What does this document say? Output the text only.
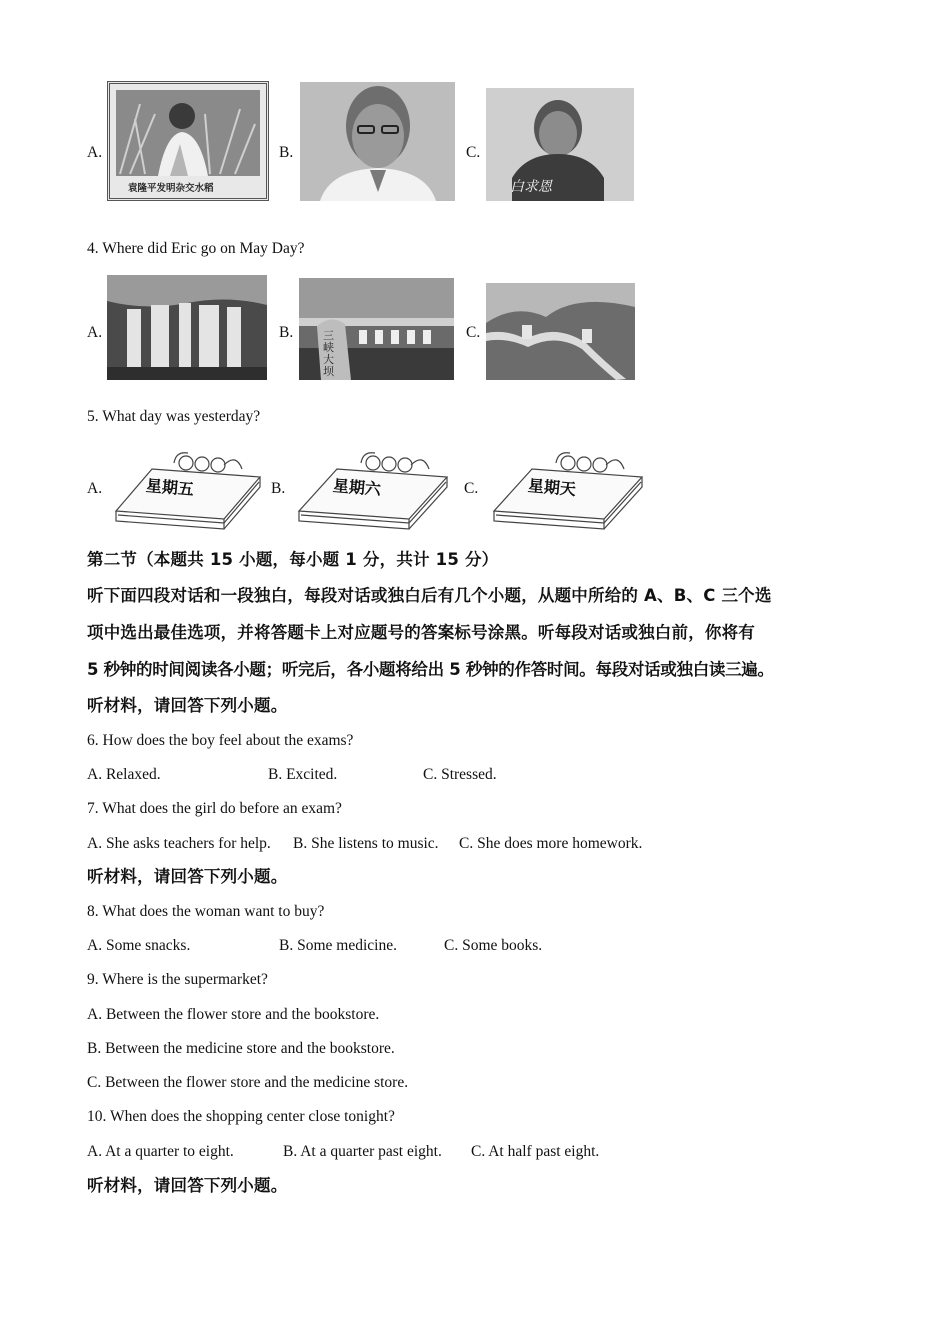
A.
袁隆平发明杂交水稻
B.	C.
白求恩
4. Where did Eric go on May Day?
A.	B.	三峡大坝
C.
5. What day was yesterday?
A.	星期五	B.	星期六	C.	星期天
第二节（本题共 15 小题，每小题 1 分，共计 15 分）
听下面四段对话和一段独白，每段对话或独白后有几个小题，从题中所给的 A、B、C 三个选
项中选出最佳选项，并将答题卡上对应题号的答案标号涂黑。听每段对话或独白前，你将有
5 秒钟的时间阅读各小题；听完后，各小题将给出 5 秒钟的作答时间。每段对话或独白读三遍。
听材料，请回答下列小题。
6. How does the boy feel about the exams?
A. Relaxed.	B. Excited.	C. Stressed.
7. What does the girl do before an exam?
A. She asks teachers for help. B. She listens to music. C. She does more homework.
听材料，请回答下列小题。
8. What does the woman want to buy?
A. Some snacks.	B. Some medicine.	C. Some books.
9. Where is the supermarket?
A. Between the flower store and the bookstore.
B. Between the medicine store and the bookstore.
C. Between the flower store and the medicine store.
10. When does the shopping center close tonight?
A. At a quarter to eight.	B. At a quarter past eight. C. At half past eight.
听材料，请回答下列小题。
